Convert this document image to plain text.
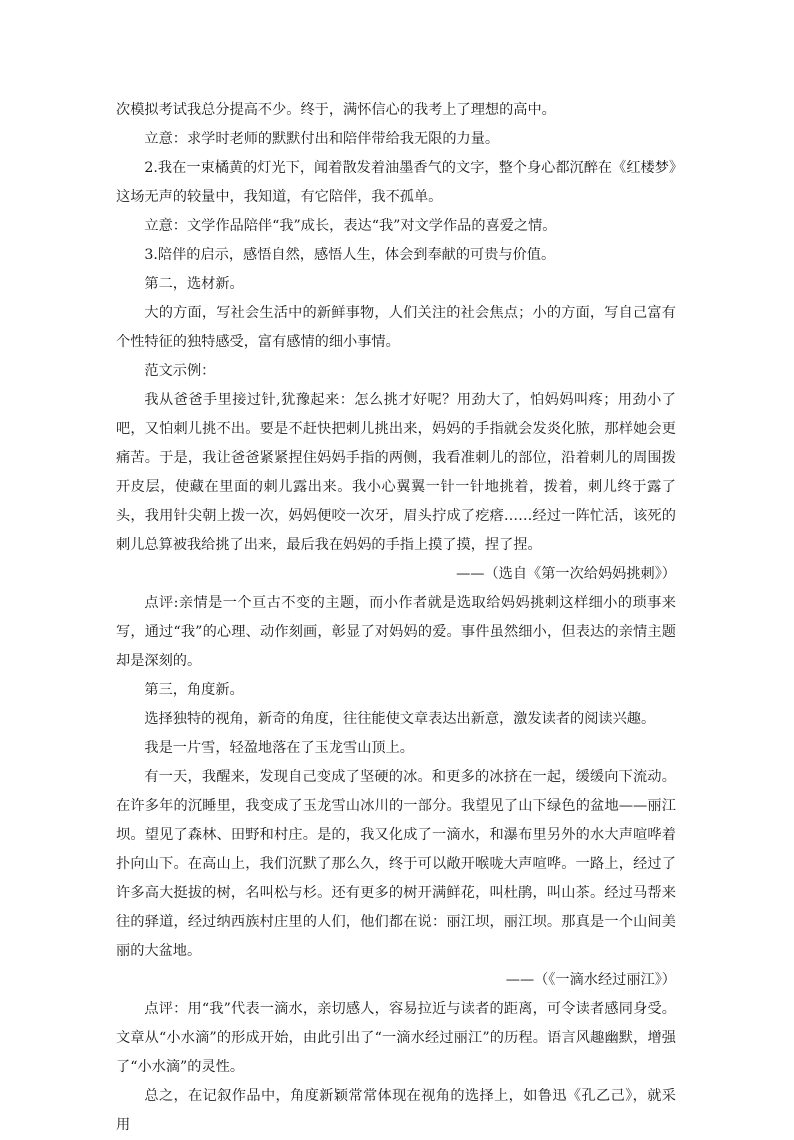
次模拟考试我总分提高不少。终于，满怀信心的我考上了理想的高中。

立意：求学时老师的默默付出和陪伴带给我无限的力量。

2.我在一束橘黄的灯光下，闻着散发着油墨香气的文字，整个身心都沉醉在《红楼梦》这场无声的较量中，我知道，有它陪伴，我不孤单。

立意：文学作品陪伴“我”成长，表达“我”对文学作品的喜爱之情。

3.陪伴的启示，感悟自然，感悟人生，体会到奉献的可贵与价值。

第二，选材新。

大的方面，写社会生活中的新鲜事物，人们关注的社会焦点；小的方面，写自己富有个性特征的独特感受，富有感情的细小事情。

范文示例：

我从爸爸手里接过针,犹豫起来：怎么挑才好呢？用劲大了，怕妈妈叫疼；用劲小了吧，又怕刺儿挑不出。要是不赶快把刺儿挑出来，妈妈的手指就会发炎化脓，那样她会更痛苦。于是，我让爸爸紧紧捏住妈妈手指的两侧，我看准刺儿的部位，沿着刺儿的周围拨开皮层，使藏在里面的刺儿露出来。我小心翼翼一针一针地挑着，拨着，刺儿终于露了头，我用针尖朝上拨一次，妈妈便咬一次牙，眉头拧成了疙瘩……经过一阵忙活，该死的刺儿总算被我给挑了出来，最后我在妈妈的手指上摸了摸，捏了捏。

——（选自《第一次给妈妈挑刺》）

点评:亲情是一个亘古不变的主题，而小作者就是选取给妈妈挑刺这样细小的琐事来写，通过“我”的心理、动作刻画，彰显了对妈妈的爱。事件虽然细小，但表达的亲情主题却是深刻的。

第三，角度新。

选择独特的视角，新奇的角度，往往能使文章表达出新意，激发读者的阅读兴趣。

我是一片雪，轻盈地落在了玉龙雪山顶上。

有一天，我醒来，发现自己变成了坚硬的冰。和更多的冰挤在一起，缓缓向下流动。在许多年的沉睡里，我变成了玉龙雪山冰川的一部分。我望见了山下绿色的盆地——丽江坝。望见了森林、田野和村庄。是的，我又化成了一滴水，和瀑布里另外的水大声喧哗着扑向山下。在高山上，我们沉默了那么久，终于可以敞开喉咙大声喧哗。一路上，经过了许多高大挺拔的树，名叫松与杉。还有更多的树开满鲜花，叫杜鹃，叫山茶。经过马帮来往的驿道，经过纳西族村庄里的人们，他们都在说：丽江坝，丽江坝。那真是一个山间美丽的大盆地。

——（《一滴水经过丽江》）

点评：用“我”代表一滴水，亲切感人，容易拉近与读者的距离，可令读者感同身受。文章从“小水滴”的形成开始，由此引出了“一滴水经过丽江”的历程。语言风趣幽默，增强了“小水滴”的灵性。

总之，在记叙作品中，角度新颖常常体现在视角的选择上，如鲁迅《孔乙己》，就采用
